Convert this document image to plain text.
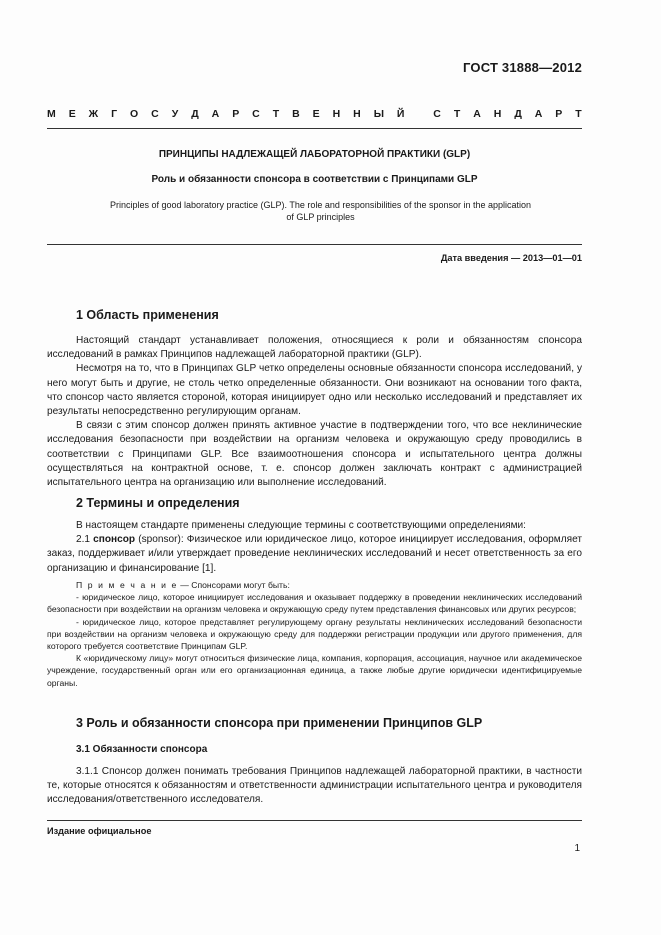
ГОСТ 31888—2012
М Е Ж Г О С У Д А Р С Т В Е Н Н Ы Й
	С Т А Н Д А Р Т
ПРИНЦИПЫ НАДЛЕЖАЩЕЙ ЛАБОРАТОРНОЙ ПРАКТИКИ (GLP)
Роль и обязанности спонсора в соответствии с Принципами GLP
Principles of good laboratory practice (GLP). The role and responsibilities of the sponsor in the application
of GLP principles
Дата введения — 2013—01—01
1 Область применения

Настоящий стандарт устанавливает положения, относящиеся к роли и обязанностям спонсора исследований в рамках Принципов надлежащей лабораторной практики (GLP).

Несмотря на то, что в Принципах GLP четко определены основные обязанности спонсора исследований, у него могут быть и другие, не столь четко определенные обязанности. Они возникают на основании того факта, что спонсор часто является стороной, которая инициирует одно или несколько исследований и представляет их результаты непосредственно регулирующим органам.

В связи с этим спонсор должен принять активное участие в подтверждении того, что все неклинические исследования безопасности при воздействии на организм человека и окружающую среду проводились в соответствии с Принципами GLP. Все взаимоотношения спонсора и испытательного центра должны осуществляться на контрактной основе, т. е. спонсор должен заключать контракт с администрацией испытательного центра на организацию или выполнение исследований.

2 Термины и определения

В настоящем стандарте применены следующие термины с соответствующими определениями:

2.1 спонсор (sponsor): Физическое или юридическое лицо, которое инициирует исследования, оформляет заказ, поддерживает и/или утверждает проведение неклинических исследований и несет ответственность за его организацию и финансирование [1].

П р и м е ч а н и е — Спонсорами могут быть:

- юридическое лицо, которое инициирует исследования и оказывает поддержку в проведении неклинических исследований безопасности при воздействии на организм человека и окружающую среду путем представления финансовых или других ресурсов;

- юридическое лицо, которое представляет регулирующему органу результаты неклинических исследований безопасности при воздействии на организм человека и окружающую среду для поддержки регистрации продукции или другого применения, для которого требуется соответствие Принципам GLP.

К «юридическому лицу» могут относиться физические лица, компания, корпорация, ассоциация, научное или академическое учреждение, государственный орган или его организационная единица, а также любые другие юридически идентифицируемые органы.

3 Роль и обязанности спонсора при применении Принципов GLP
3.1 Обязанности спонсора

3.1.1 Спонсор должен понимать требования Принципов надлежащей лабораторной практики, в частности те, которые относятся к обязанностям и ответственности администрации испытательного центра и руководителя исследования/ответственного исследователя.

Издание официальное
1
